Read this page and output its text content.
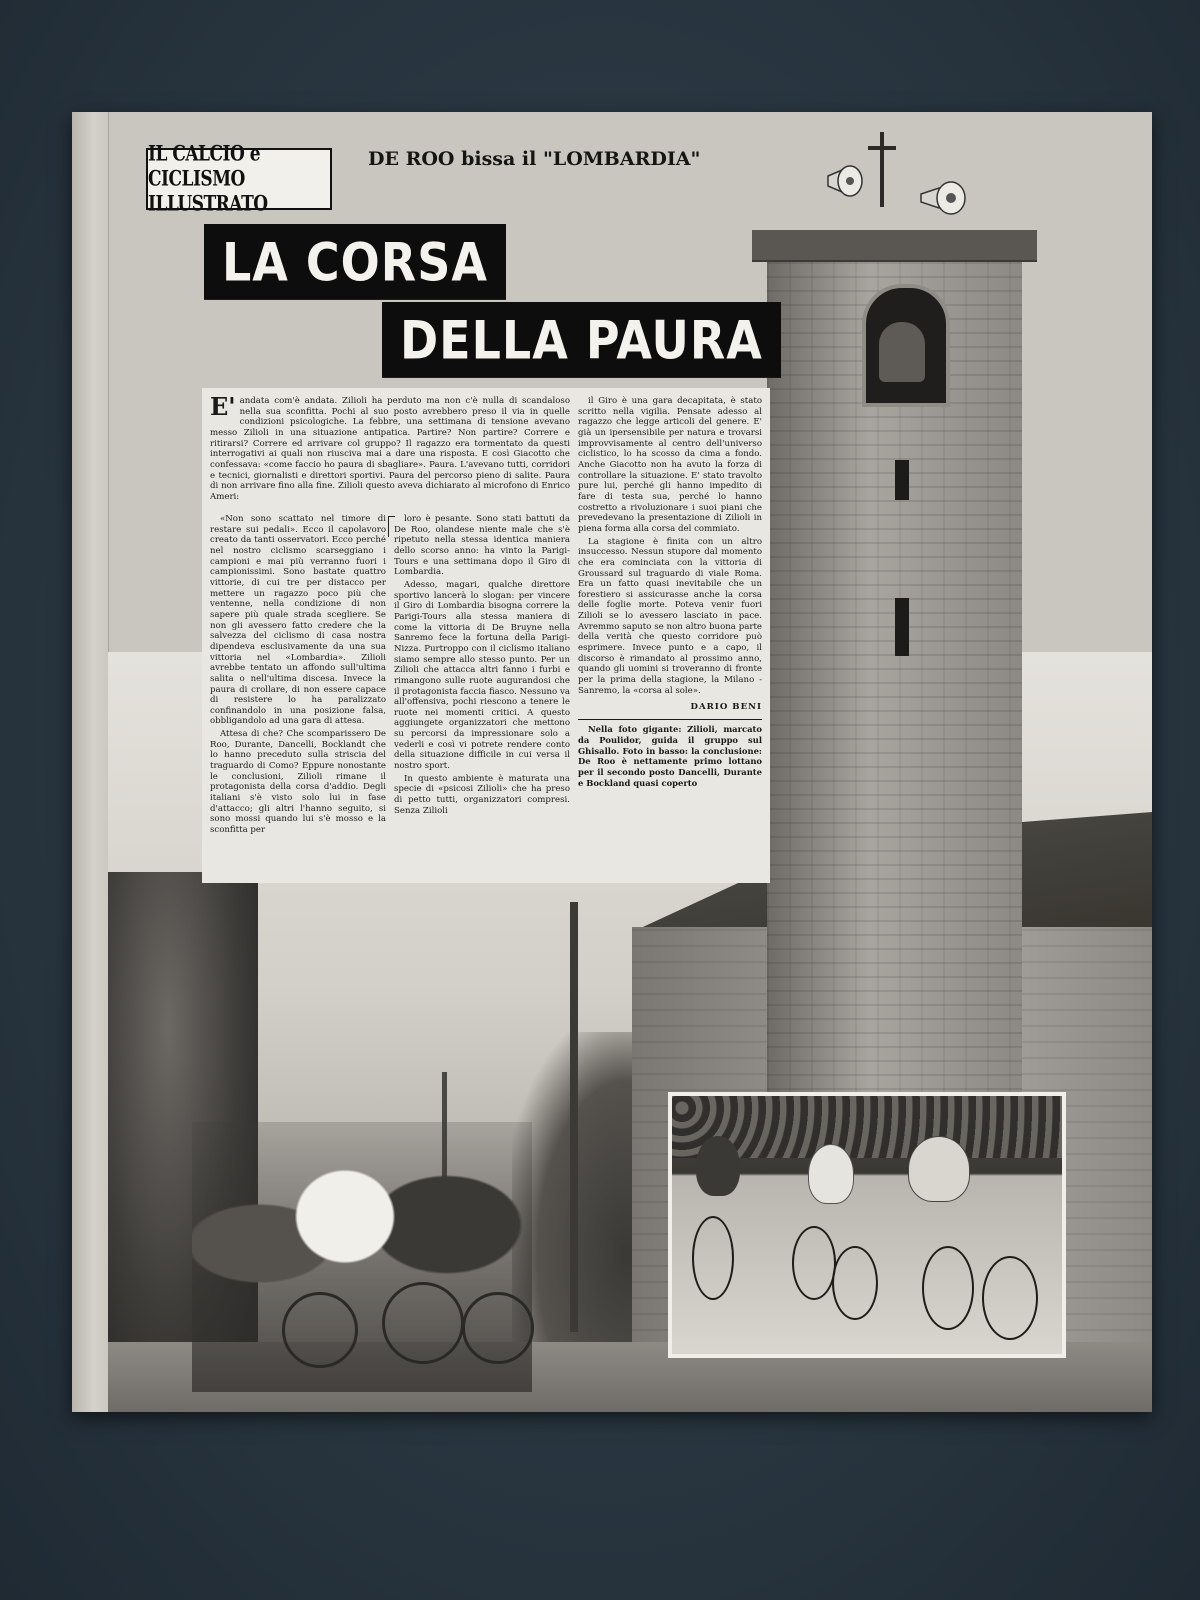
IL CALCIO e CICLISMO ILLUSTRATO
DE ROO bissa il "LOMBARDIA"
LA CORSA
DELLA PAURA

E' andata com'è andata. Zilioli ha perduto ma non c'è nulla di scandaloso nella sua sconfitta. Pochi al suo posto avrebbero preso il via in quelle condizioni psicologiche. La febbre, una settimana di tensione avevano messo Zilioli in una situazione antipatica. Partire? Non partire? Correre e ritirarsi? Correre ed arrivare col gruppo? Il ragazzo era tormentato da questi interrogativi ai quali non riusciva mai a dare una risposta. E così Giacotto che confessava: «come faccio ho paura di sbagliare». Paura. L'avevano tutti, corridori e tecnici, giornalisti e direttori sportivi. Paura del percorso pieno di salite. Paura di non arrivare fino alla fine. Zilioli questo aveva dichiarato al microfono di Enrico Ameri:

«Non sono scattato nel timore di restare sui pedali». Ecco il capolavoro creato da tanti osservatori. Ecco perché nel nostro ciclismo scarseggiano i campioni e mai più verranno fuori i campionissimi. Sono bastate quattro vittorie, di cui tre per distacco per mettere un ragazzo poco più che ventenne, nella condizione di non sapere più quale strada scegliere. Se non gli avessero fatto credere che la salvezza del ciclismo di casa nostra dipendeva esclusivamente da una sua vittoria nel «Lombardia». Zilioli avrebbe tentato un affondo sull'ultima salita o nell'ultima discesa. Invece la paura di crollare, di non essere capace di resistere lo ha paralizzato confinandolo in una posizione falsa, obbligandolo ad una gara di attesa.

Attesa di che? Che scomparissero De Roo, Durante, Dancelli, Bocklandt che lo hanno preceduto sulla striscia del traguardo di Como? Eppure nonostante le conclusioni, Zilioli rimane il protagonista della corsa d'addio. Degli italiani s'è visto solo lui in fase d'attacco; gli altri l'hanno seguito, si sono mossi quando lui s'è mosso e la sconfitta per

loro è pesante. Sono stati battuti da De Roo, olandese niente male che s'è ripetuto nella stessa identica maniera dello scorso anno: ha vinto la Parigi-Tours e una settimana dopo il Giro di Lombardia.

Adesso, magari, qualche direttore sportivo lancerà lo slogan: per vincere il Giro di Lombardia bisogna correre la Parigi-Tours alla stessa maniera di come la vittoria di De Bruyne nella Sanremo fece la fortuna della Parigi-Nizza. Purtroppo con il ciclismo italiano siamo sempre allo stesso punto. Per un Zilioli che attacca altri fanno i furbi e rimangono sulle ruote augurandosi che il protagonista faccia fiasco. Nessuno va all'offensiva, pochi riescono a tenere le ruote nei momenti critici. A questo aggiungete organizzatori che mettono su percorsi da impressionare solo a vederli e così vi potrete rendere conto della situazione difficile in cui versa il nostro sport.

In questo ambiente è maturata una specie di «psicosi Zilioli» che ha preso di petto tutti, organizzatori compresi. Senza Zilioli

il Giro è una gara decapitata, è stato scritto nella vigilia. Pensate adesso al ragazzo che legge articoli del genere. E' già un ipersensibile per natura e trovarsi improvvisamente al centro dell'universo ciclistico, lo ha scosso da cima a fondo. Anche Giacotto non ha avuto la forza di controllare la situazione. E' stato travolto pure lui, perché gli hanno impedito di fare di testa sua, perché lo hanno costretto a rivoluzionare i suoi piani che prevedevano la presentazione di Zilioli in piena forma alla corsa del commiato.

La stagione è finita con un altro insuccesso. Nessun stupore dal momento che era cominciata con la vittoria di Groussard sul traguardo di viale Roma. Era un fatto quasi inevitabile che un forestiero si assicurasse anche la corsa delle foglie morte. Poteva venir fuori Zilioli se lo avessero lasciato in pace. Avremmo saputo se non altro buona parte della verità che questo corridore può esprimere. Invece punto e a capo, il discorso è rimandato al prossimo anno, quando gli uomini si troveranno di fronte per la prima della stagione, la Milano - Sanremo, la «corsa al sole».

DARIO BENI

Nella foto gigante: Zilioli, marcato da Poulidor, guida il gruppo sul Ghisallo. Foto in basso: la conclusione: De Roo è nettamente primo lottano per il secondo posto Dancelli, Durante e Bockland quasi coperto
